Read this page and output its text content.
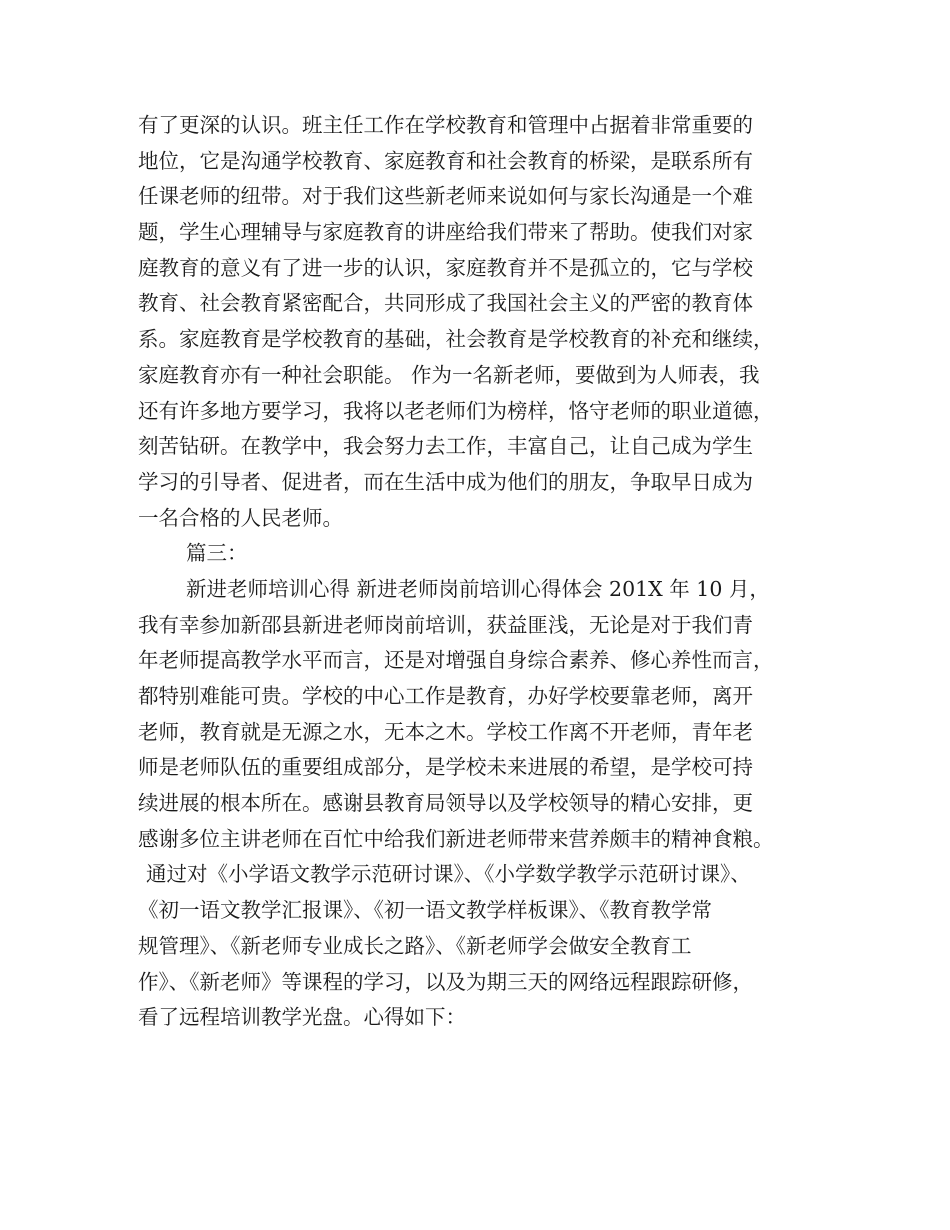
有了更深的认识。班主任工作在学校教育和管理中占据着非常重要的
地位，它是沟通学校教育、家庭教育和社会教育的桥梁，是联系所有
任课老师的纽带。对于我们这些新老师来说如何与家长沟通是一个难
题，学生心理辅导与家庭教育的讲座给我们带来了帮助。使我们对家
庭教育的意义有了进一步的认识，家庭教育并不是孤立的，它与学校
教育、社会教育紧密配合，共同形成了我国社会主义的严密的教育体
系。家庭教育是学校教育的基础，社会教育是学校教育的补充和继续，
家庭教育亦有一种社会职能。 作为一名新老师，要做到为人师表，我
还有许多地方要学习，我将以老老师们为榜样，恪守老师的职业道德，
刻苦钻研。在教学中，我会努力去工作，丰富自己，让自己成为学生
学习的引导者、促进者，而在生活中成为他们的朋友，争取早日成为
一名合格的人民老师。
篇三：
新进老师培训心得 新进老师岗前培训心得体会 201X 年 10 月，
我有幸参加新邵县新进老师岗前培训，获益匪浅，无论是对于我们青
年老师提高教学水平而言，还是对增强自身综合素养、修心养性而言，
都特别难能可贵。学校的中心工作是教育，办好学校要靠老师，离开
老师，教育就是无源之水，无本之木。学校工作离不开老师，青年老
师是老师队伍的重要组成部分，是学校未来进展的希望，是学校可持
续进展的根本所在。感谢县教育局领导以及学校领导的精心安排，更
感谢多位主讲老师在百忙中给我们新进老师带来营养颇丰的精神食粮。
通过对《小学语文教学示范研讨课》、《小学数学教学示范研讨课》、
《初一语文教学汇报课》、《初一语文教学样板课》、《教育教学常
规管理》、《新老师专业成长之路》、《新老师学会做安全教育工
作》、《新老师》等课程的学习，以及为期三天的网络远程跟踪研修，
看了远程培训教学光盘。心得如下：
